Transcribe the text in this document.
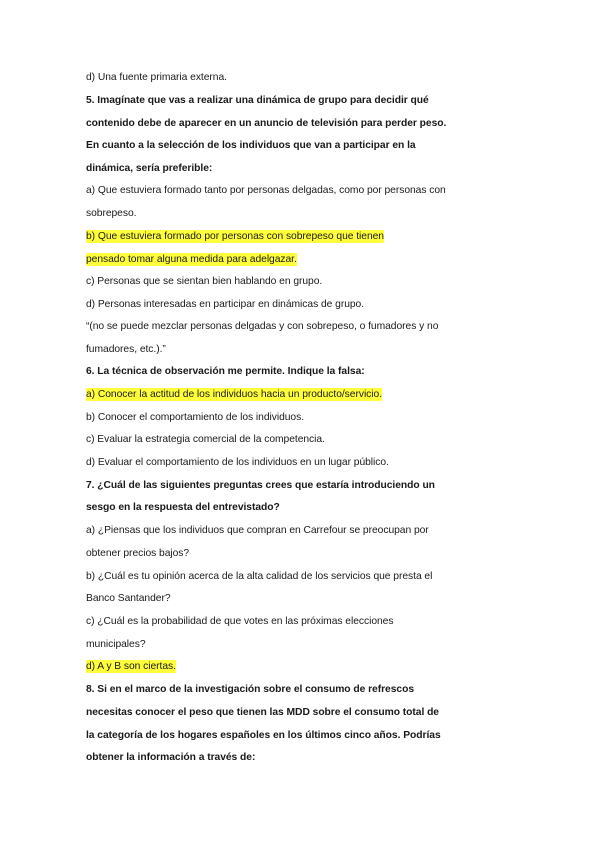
d) Una fuente primaria externa.
5. Imagínate que vas a realizar una dinámica de grupo para decidir qué
contenido debe de aparecer en un anuncio de televisión para perder peso.
En cuanto a la selección de los individuos que van a participar en la
dinámica, sería preferible:
a) Que estuviera formado tanto por personas delgadas, como por personas con
sobrepeso.
b) Que estuviera formado por personas con sobrepeso que tienen
pensado tomar alguna medida para adelgazar.
c) Personas que se sientan bien hablando en grupo.
d) Personas interesadas en participar en dinámicas de grupo.
“(no se puede mezclar personas delgadas y con sobrepeso, o fumadores y no
fumadores, etc.).”
6. La técnica de observación me permite. Indique la falsa:
a) Conocer la actitud de los individuos hacia un producto/servicio.
b) Conocer el comportamiento de los individuos.
c) Evaluar la estrategia comercial de la competencia.
d) Evaluar el comportamiento de los individuos en un lugar público.
7. ¿Cuál de las siguientes preguntas crees que estaría introduciendo un
sesgo en la respuesta del entrevistado?
a) ¿Piensas que los individuos que compran en Carrefour se preocupan por
obtener precios bajos?
b) ¿Cuál es tu opinión acerca de la alta calidad de los servicios que presta el
Banco Santander?
c) ¿Cuál es la probabilidad de que votes en las próximas elecciones
municipales?
d) A y B son ciertas.
8. Si en el marco de la investigación sobre el consumo de refrescos
necesitas conocer el peso que tienen las MDD sobre el consumo total de
la categoría de los hogares españoles en los últimos cinco años. Podrías
obtener la información a través de:
